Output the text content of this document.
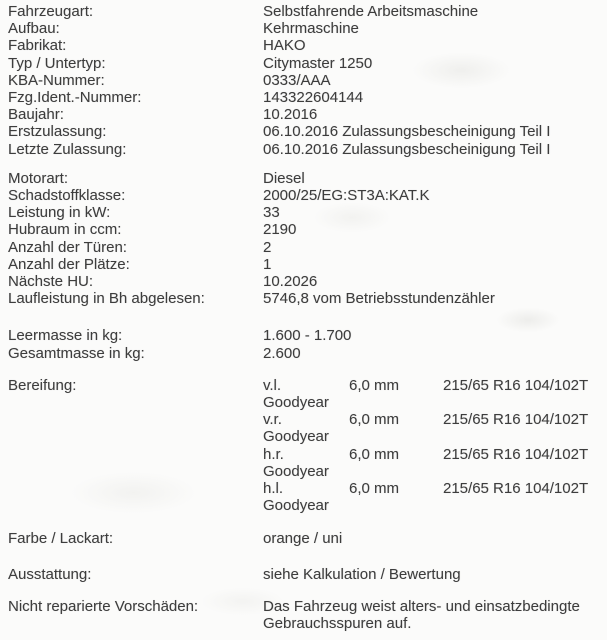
Fahrzeugart:	Selbstfahrende Arbeitsmaschine
Aufbau:	Kehrmaschine
Fabrikat:	HAKO
Typ / Untertyp:	Citymaster 1250
KBA-Nummer:	0333/AAA
Fzg.Ident.-Nummer:	143322604144
Baujahr:	10.2016
Erstzulassung:	06.10.2016 Zulassungsbescheinigung Teil I
Letzte Zulassung:	06.10.2016 Zulassungsbescheinigung Teil I
Motorart:	Diesel
Schadstoffklasse:	2000/25/EG:ST3A:KAT.K
Leistung in kW:	33
Hubraum in ccm:	2190
Anzahl der Türen:	2
Anzahl der Plätze:	1
Nächste HU:	10.2026
Laufleistung in Bh abgelesen:	5746,8 vom Betriebsstundenzähler
Leermasse in kg:	1.600 - 1.700
Gesamtmasse in kg:	2.600
Bereifung:	v.l.	6,0 mm	215/65 R16 104/102T
Goodyear
v.r.	6,0 mm	215/65 R16 104/102T
Goodyear
h.r.	6,0 mm	215/65 R16 104/102T
Goodyear
h.l.	6,0 mm	215/65 R16 104/102T
Goodyear
Farbe / Lackart:	orange / uni
Ausstattung:	siehe Kalkulation / Bewertung
Nicht reparierte Vorschäden:	Das Fahrzeug weist alters- und einsatzbedingte Gebrauchsspuren auf.
